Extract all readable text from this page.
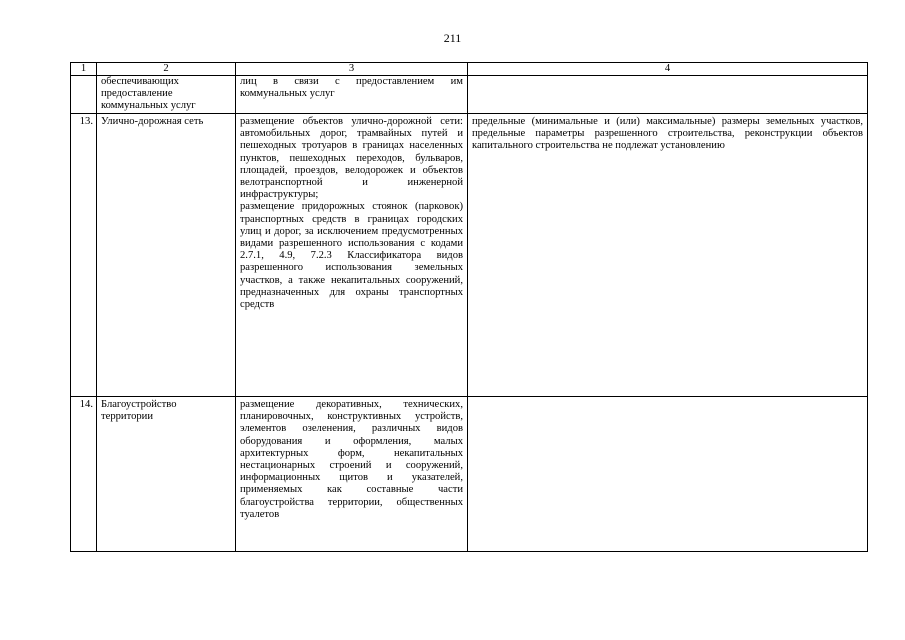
211
1	2	3	4
	обеспечивающих предоставление коммунальных услуг	лиц в связи с предоставлением им коммунальных услуг	

13.	Улично-дорожная сеть	размещение объектов улично-дорожной сети: автомобильных дорог, трамвайных путей и пешеходных тротуаров в границах населенных пунктов, пешеходных переходов, бульваров, площадей, проездов, велодорожек и объектов велотранспортной и инженерной инфраструктуры;
размещение придорожных стоянок (парковок) транспортных средств в границах городских улиц и дорог, за исключением предусмотренных видами разрешенного использования с кодами 2.7.1, 4.9, 7.2.3 Классификатора видов разрешенного использования земельных участков, а также некапитальных сооружений, предназначенных для охраны транспортных средств	предельные (минимальные и (или) максимальные) размеры земельных участков, предельные параметры разрешенного строительства, реконструкции объектов капитального строительства не подлежат установлению
14.	Благоустройство территории	размещение декоративных, технических, планировочных, конструктивных устройств, элементов озеленения, различных видов оборудования и оформления, малых архитектурных форм, некапитальных нестационарных строений и сооружений, информационных щитов и указателей, применяемых как составные части благоустройства территории, общественных туалетов	
